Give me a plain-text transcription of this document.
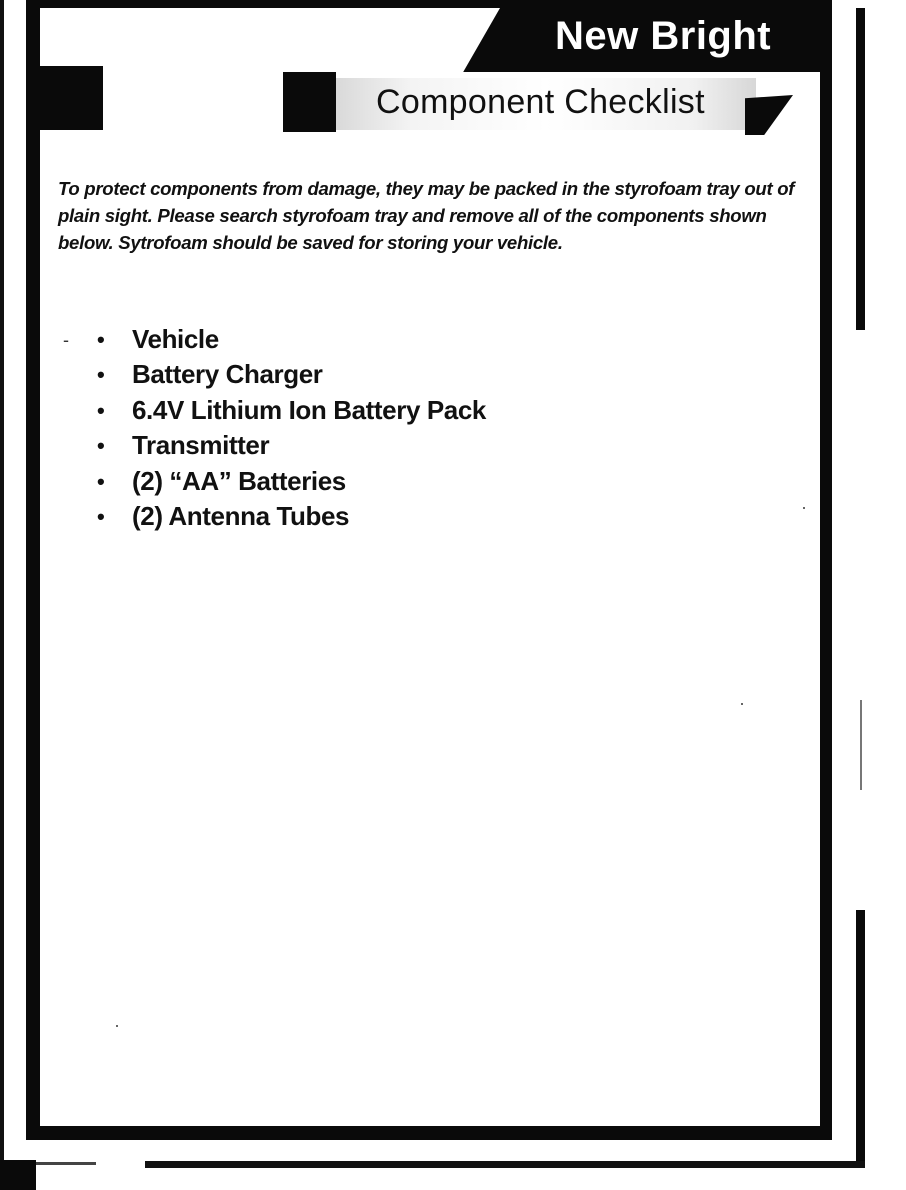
New Bright
Component Checklist

To protect components from damage, they may be packed in the styrofoam tray out of plain sight. Please search styrofoam tray and remove all of the components shown below. Sytrofoam should be saved for storing your vehicle.

- • Vehicle
• Battery Charger
• 6.4V Lithium Ion Battery Pack
• Transmitter
• (2) “AA” Batteries
• (2) Antenna Tubes
